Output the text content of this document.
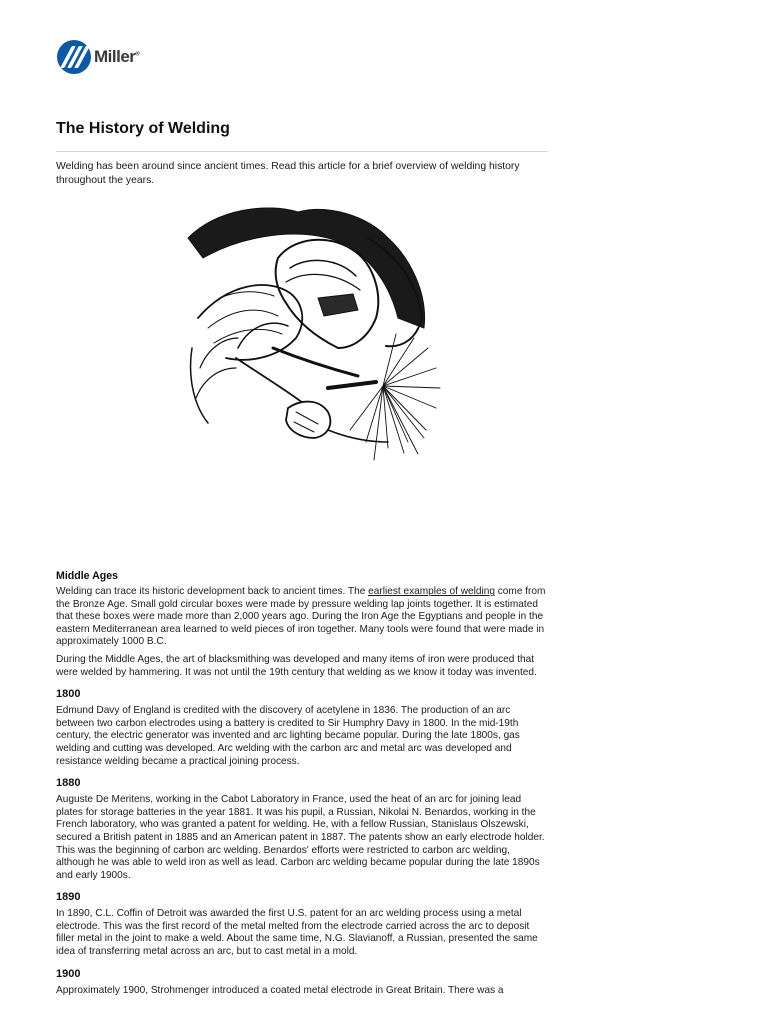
Miller®
The History of Welding

Welding has been around since ancient times. Read this article for a brief overview of welding history throughout the years.

Middle Ages

Welding can trace its historic development back to ancient times. The earliest examples of welding come from the Bronze Age. Small gold circular boxes were made by pressure welding lap joints together. It is estimated that these boxes were made more than 2,000 years ago. During the Iron Age the Egyptians and people in the eastern Mediterranean area learned to weld pieces of iron together. Many tools were found that were made in approximately 1000 B.C.

During the Middle Ages, the art of blacksmithing was developed and many items of iron were produced that were welded by hammering. It was not until the 19th century that welding as we know it today was invented.

1800

Edmund Davy of England is credited with the discovery of acetylene in 1836. The production of an arc between two carbon electrodes using a battery is credited to Sir Humphry Davy in 1800. In the mid-19th century, the electric generator was invented and arc lighting became popular. During the late 1800s, gas welding and cutting was developed. Arc welding with the carbon arc and metal arc was developed and resistance welding became a practical joining process.

1880

Auguste De Meritens, working in the Cabot Laboratory in France, used the heat of an arc for joining lead plates for storage batteries in the year 1881. It was his pupil, a Russian, Nikolai N. Benardos, working in the French laboratory, who was granted a patent for welding. He, with a fellow Russian, Stanislaus Olszewski, secured a British patent in 1885 and an American patent in 1887. The patents show an early electrode holder. This was the beginning of carbon arc welding. Benardos' efforts were restricted to carbon arc welding, although he was able to weld iron as well as lead. Carbon arc welding became popular during the late 1890s and early 1900s.

1890

In 1890, C.L. Coffin of Detroit was awarded the first U.S. patent for an arc welding process using a metal electrode. This was the first record of the metal melted from the electrode carried across the arc to deposit filler metal in the joint to make a weld. About the same time, N.G. Slavianoff, a Russian, presented the same idea of transferring metal across an arc, but to cast metal in a mold.

1900

Approximately 1900, Strohmenger introduced a coated metal electrode in Great Britain. There was a
